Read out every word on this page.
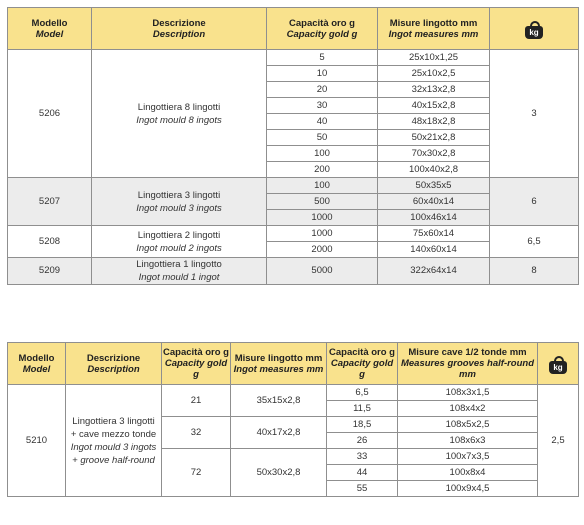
Modello
Model	Descrizione
Description	Capacità oro g
Capacity gold g	Misure lingotto mm
Ingot measures mm	kg

5206	Lingottiera 8 lingotti
Ingot mould 8 ingots	5	25x10x1,25	3
		10	25x10x2,5	
		20	32x13x2,8	
		30	40x15x2,8	
		40	48x18x2,8	
		50	50x21x2,8	
		100	70x30x2,8	
		200	100x40x2,8	
5207	Lingottiera 3 lingotti
Ingot mould 3 ingots	100	50x35x5	6
		500	60x40x14	
		1000	100x46x14	
5208	Lingottiera 2 lingotti
Ingot mould 2 ingots	1000	75x60x14	6,5
		2000	140x60x14	
5209	Lingottiera 1 lingotto
Ingot mould 1 ingot	5000	322x64x14	8
Modello
Model	Descrizione
Description	Capacità oro g
Capacity gold g	Misure lingotto mm
Ingot measures mm	Capacità oro g
Capacity gold g	Misure cave 1/2 tonde mm
Measures grooves half-round mm	kg

5210	Lingottiera 3 lingotti
+ cave mezzo tonde
Ingot mould 3 ingots
+ groove half-round	21	35x15x2,8	6,5	108x3x1,5	2,5
				11,5	108x4x2	
		32	40x17x2,8	18,5	108x5x2,5	
				26	108x6x3	
		72	50x30x2,8	33	100x7x3,5	
				44	100x8x4	
				55	100x9x4,5	
